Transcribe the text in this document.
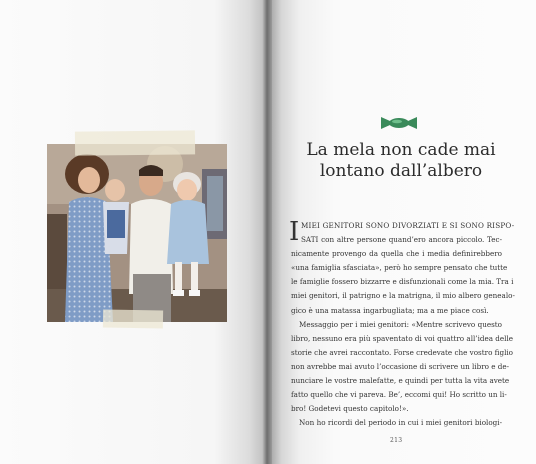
La mela non cade mai
lontano dall’albero
I MIEI GENITORI SONO DIVORZIATI E SI SONO RISPO-
SATI con altre persone quand’ero ancora piccolo. Tec-
nicamente provengo da quella che i media definirebbero
«una famiglia sfasciata», però ho sempre pensato che tutte
le famiglie fossero bizzarre e disfunzionali come la mia. Tra i
miei genitori, il patrigno e la matrigna, il mio albero genealo-
gico è una matassa ingarbugliata; ma a me piace così.
Messaggio per i miei genitori: «Mentre scrivevo questo
libro, nessuno era più spaventato di voi quattro all’idea delle
storie che avrei raccontato. Forse credevate che vostro figlio
non avrebbe mai avuto l’occasione di scrivere un libro e de-
nunciare le vostre malefatte, e quindi per tutta la vita avete
fatto quello che vi pareva. Be’, eccomi qui! Ho scritto un li-
bro! Godetevi questo capitolo!».
Non ho ricordi del periodo in cui i miei genitori biologi-
213
